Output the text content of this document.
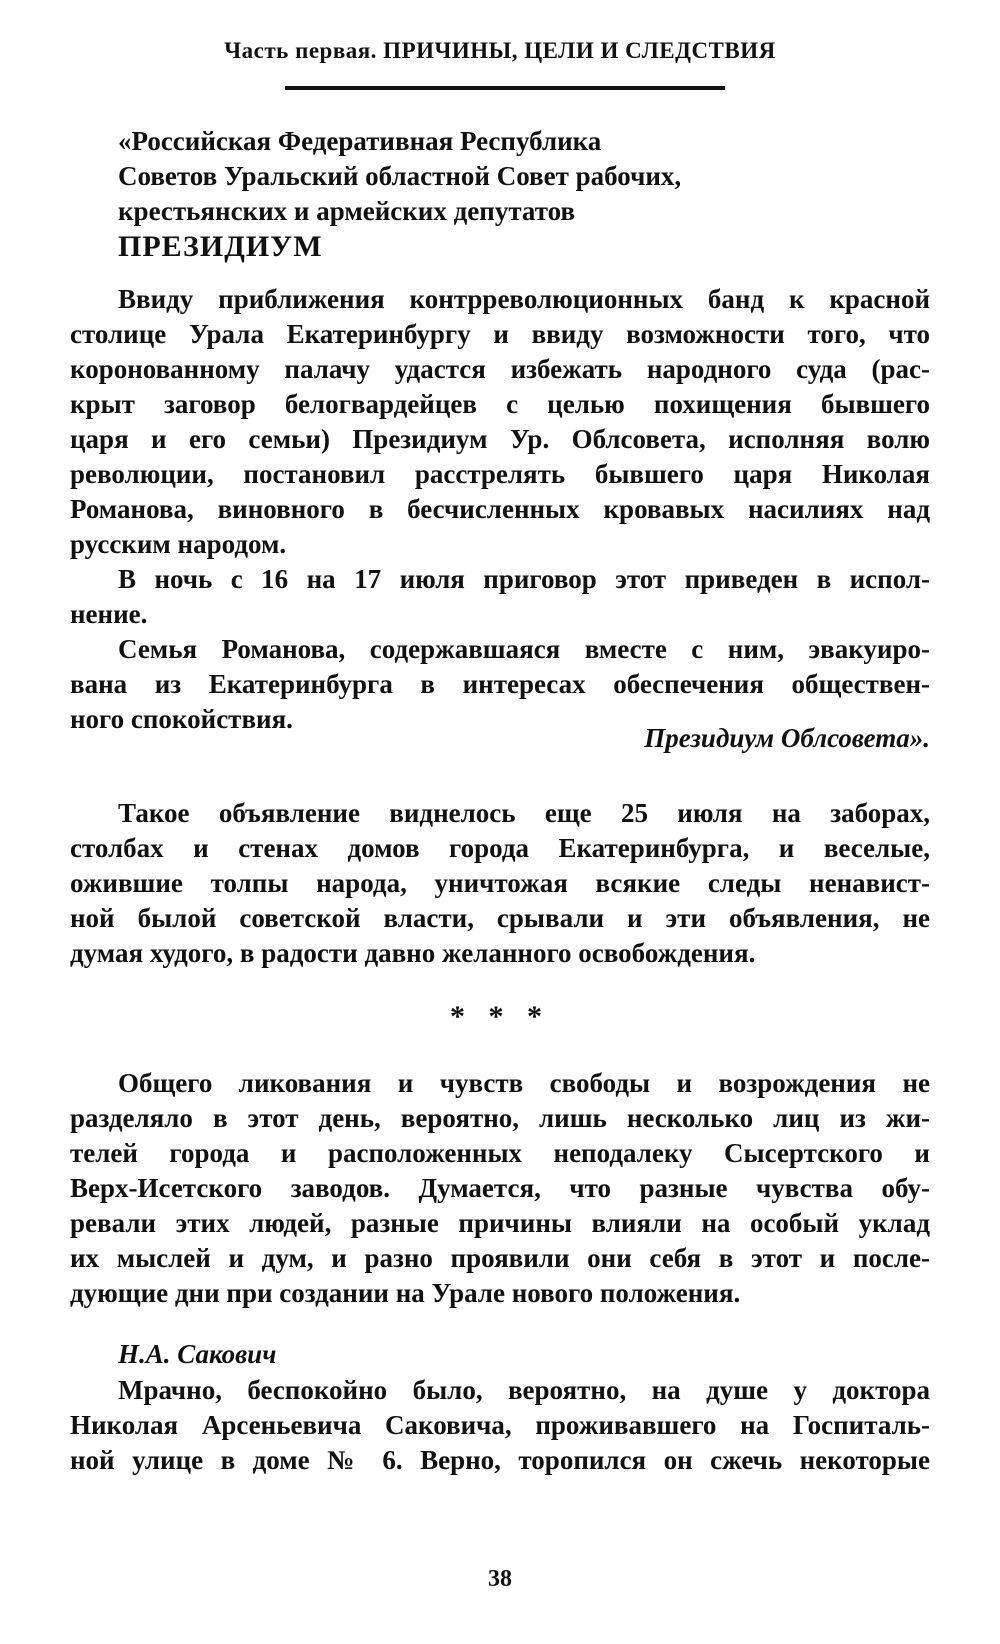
Часть первая. ПРИЧИНЫ, ЦЕЛИ И СЛЕДСТВИЯ
«Российская Федеративная Республика
Советов Уральский областной Совет рабочих,
крестьянских и армейских депутатов
ПРЕЗИДИУМ
Ввиду приближения контрреволюционных банд к красной
столице Урала Екатеринбургу и ввиду возможности того, что
коронованному палачу удастся избежать народного суда (рас-
крыт заговор белогвардейцев с целью похищения бывшего
царя и его семьи) Президиум Ур. Облсовета, исполняя волю
революции, постановил расстрелять бывшего царя Николая
Романова, виновного в бесчисленных кровавых насилиях над
русским народом.
В ночь с 16 на 17 июля приговор этот приведен в испол-
нение.
Семья Романова, содержавшаяся вместе с ним, эвакуиро-
вана из Екатеринбурга в интересах обеспечения обществен-
ного спокойствия.
Президиум Облсовета».
Такое объявление виднелось еще 25 июля на заборах,
столбах и стенах домов города Екатеринбурга, и веселые,
ожившие толпы народа, уничтожая всякие следы ненавист-
ной былой советской власти, срывали и эти объявления, не
думая худого, в радости давно желанного освобождения.
* * *
Общего ликования и чувств свободы и возрождения не
разделяло в этот день, вероятно, лишь несколько лиц из жи-
телей города и расположенных неподалеку Сысертского и
Верх-Исетского заводов. Думается, что разные чувства обу-
ревали этих людей, разные причины влияли на особый уклад
их мыслей и дум, и разно проявили они себя в этот и после-
дующие дни при создании на Урале нового положения.
Н.А. Сакович
Мрачно, беспокойно было, вероятно, на душе у доктора
Николая Арсеньевича Саковича, проживавшего на Госпиталь-
ной улице в доме № 6. Верно, торопился он сжечь некоторые
38
